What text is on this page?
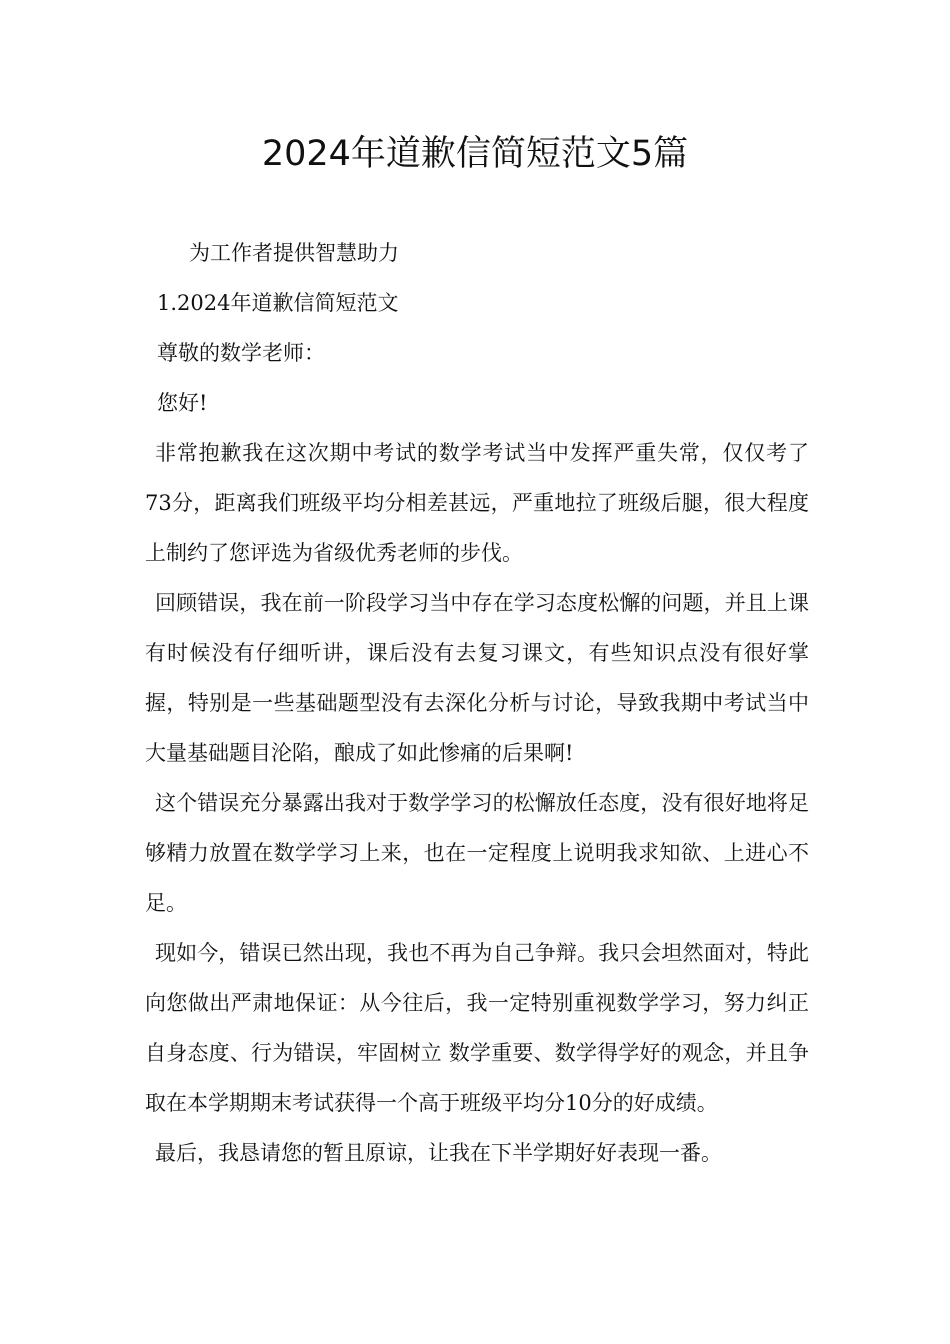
2024年道歉信简短范文5篇

为工作者提供智慧助力

1.2024年道歉信简短范文

尊敬的数学老师：

您好!

非常抱歉我在这次期中考试的数学考试当中发挥严重失常，仅仅考了73分，距离我们班级平均分相差甚远，严重地拉了班级后腿，很大程度上制约了您评选为省级优秀老师的步伐。

回顾错误，我在前一阶段学习当中存在学习态度松懈的问题，并且上课有时候没有仔细听讲，课后没有去复习课文，有些知识点没有很好掌握，特别是一些基础题型没有去深化分析与讨论，导致我期中考试当中大量基础题目沦陷，酿成了如此惨痛的后果啊!

这个错误充分暴露出我对于数学学习的松懈放任态度，没有很好地将足够精力放置在数学学习上来，也在一定程度上说明我求知欲、上进心不足。

现如今，错误已然出现，我也不再为自己争辩。我只会坦然面对，特此向您做出严肃地保证：从今往后，我一定特别重视数学学习，努力纠正自身态度、行为错误，牢固树立 数学重要、数学得学好的观念，并且争取在本学期期末考试获得一个高于班级平均分10分的好成绩。

最后，我恳请您的暂且原谅，让我在下半学期好好表现一番。
